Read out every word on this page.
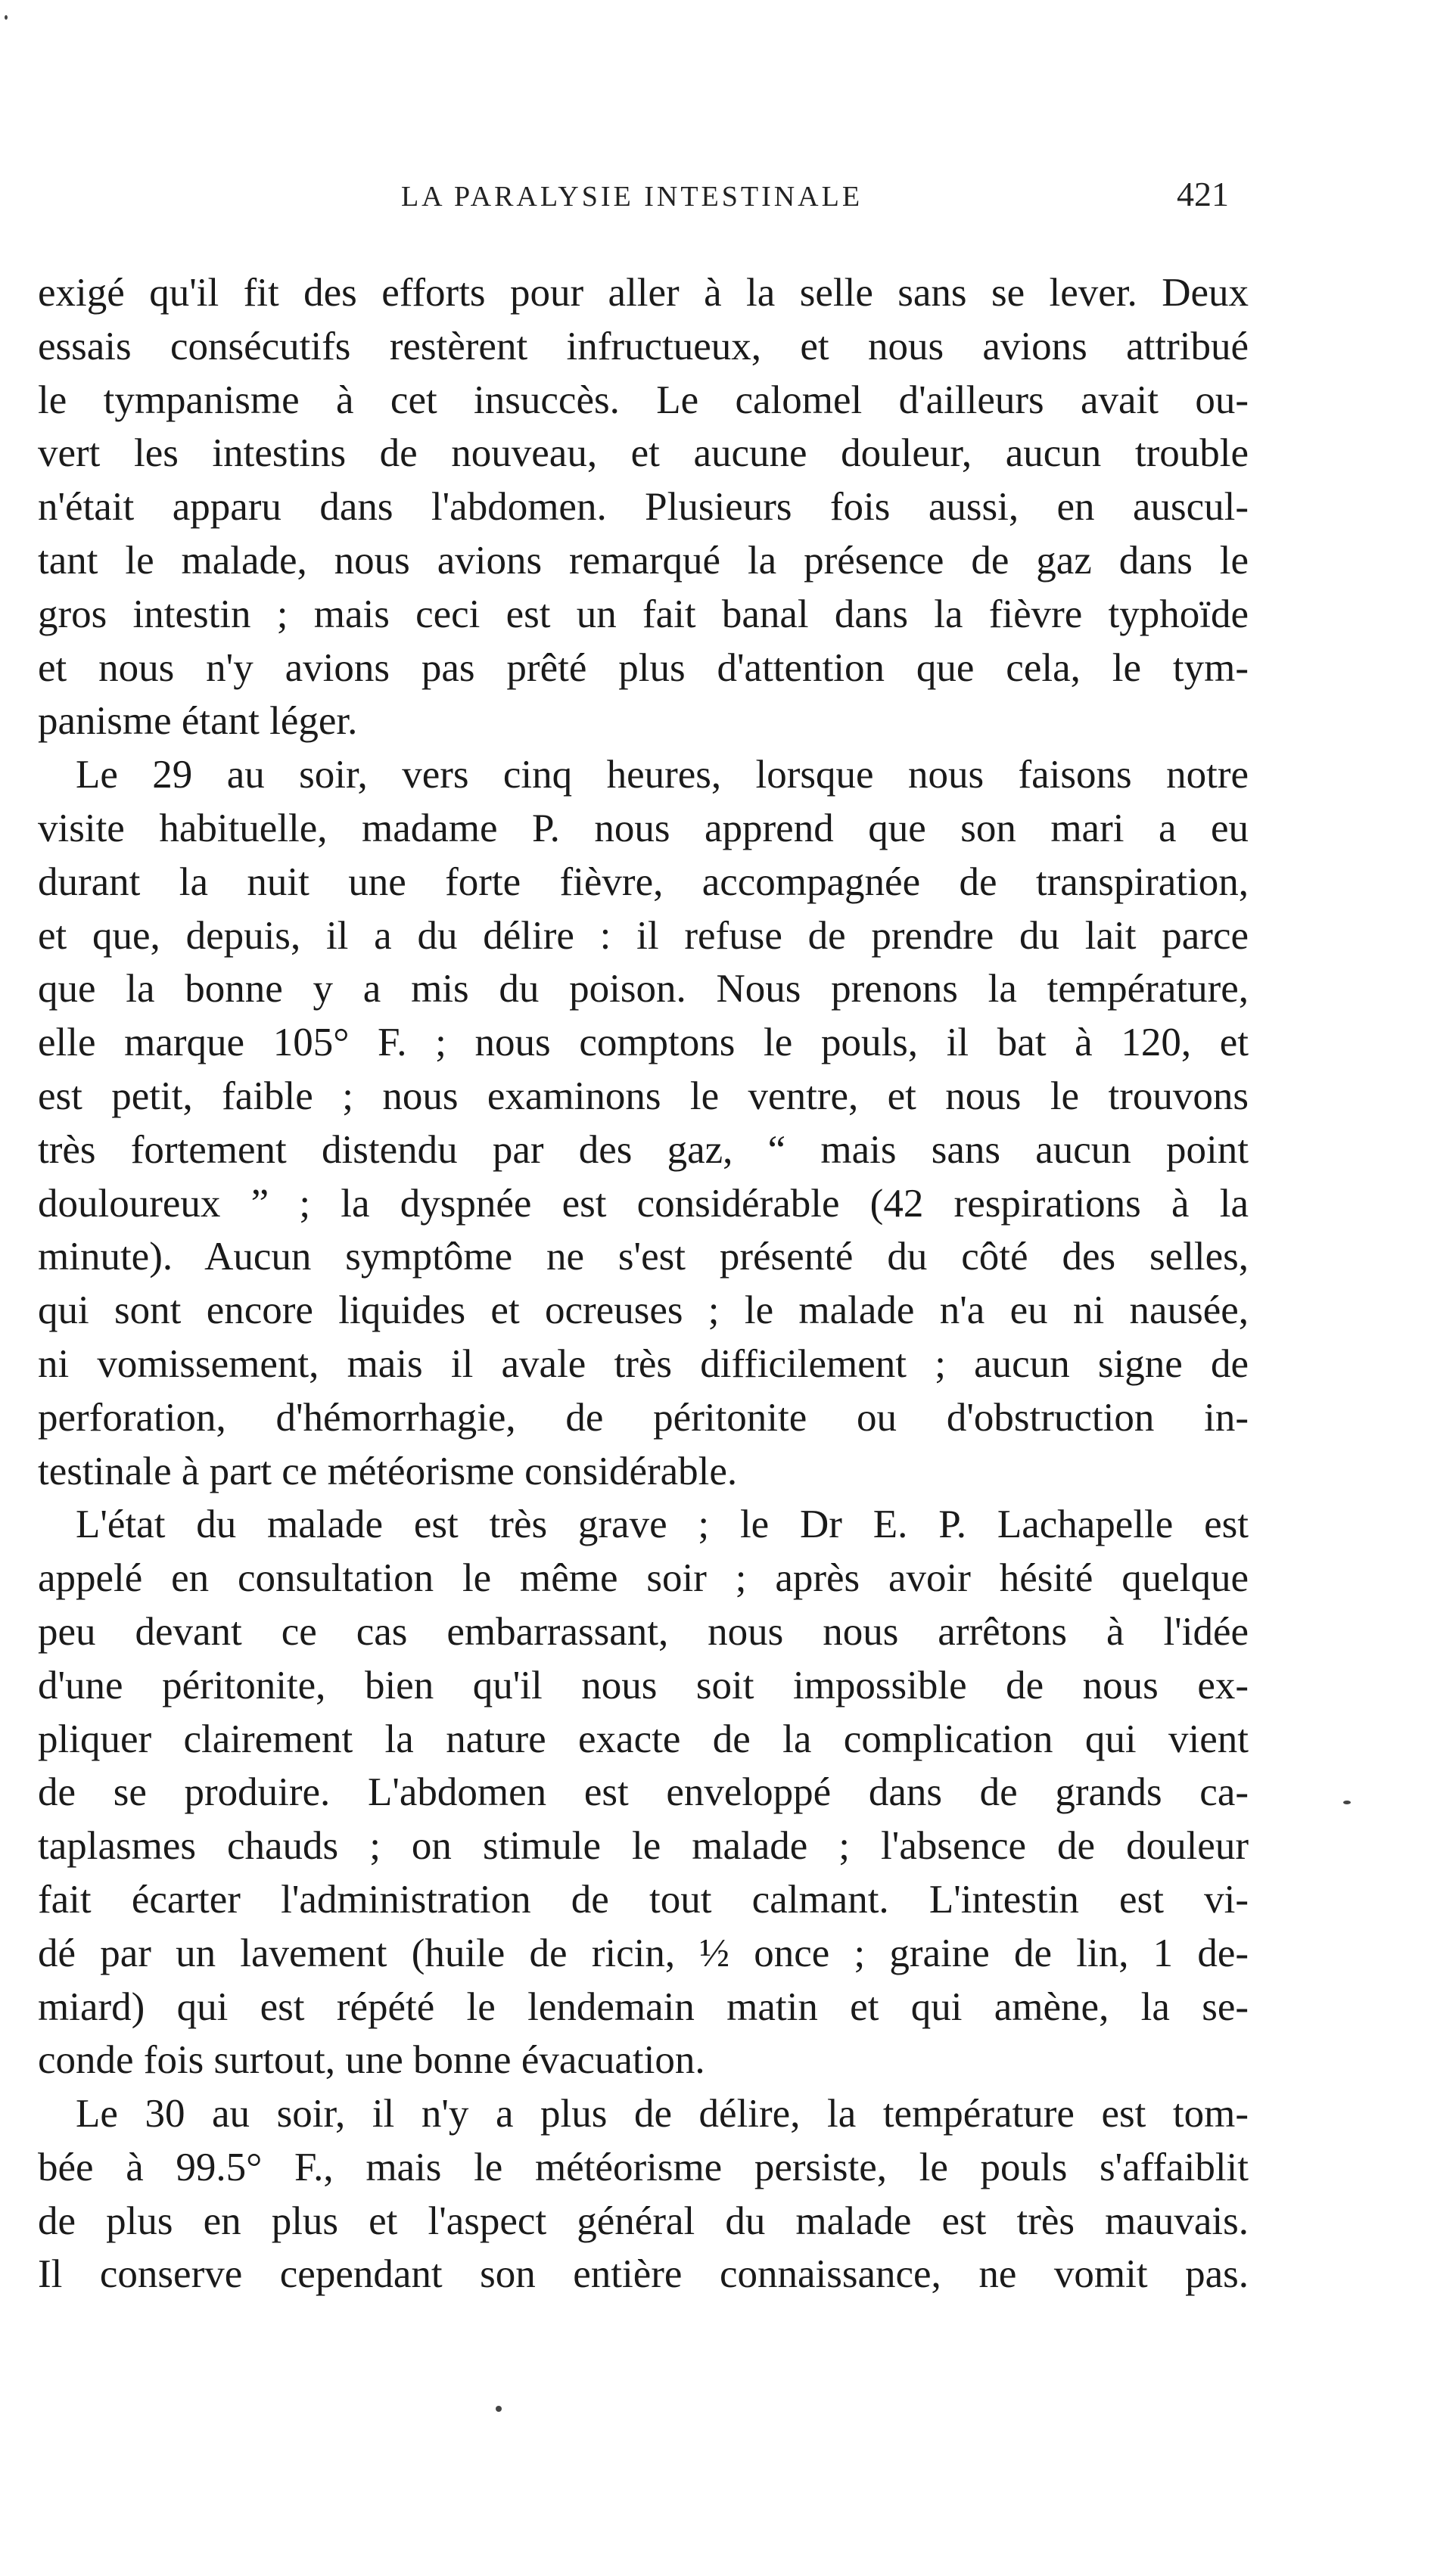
LA PARALYSIE INTESTINALE	421
exigé qu'il fit des efforts pour aller à la selle sans se lever. Deux
essais consécutifs restèrent infructueux, et nous avions attribué
le tympanisme à cet insuccès. Le calomel d'ailleurs avait ou-
vert les intestins de nouveau, et aucune douleur, aucun trouble
n'était apparu dans l'abdomen. Plusieurs fois aussi, en auscul-
tant le malade, nous avions remarqué la présence de gaz dans le
gros intestin ; mais ceci est un fait banal dans la fièvre typhoïde
et nous n'y avions pas prêté plus d'attention que cela, le tym-
panisme étant léger.
Le 29 au soir, vers cinq heures, lorsque nous faisons notre
visite habituelle, madame P. nous apprend que son mari a eu
durant la nuit une forte fièvre, accompagnée de transpiration,
et que, depuis, il a du délire : il refuse de prendre du lait parce
que la bonne y a mis du poison. Nous prenons la température,
elle marque 105° F. ; nous comptons le pouls, il bat à 120, et
est petit, faible ; nous examinons le ventre, et nous le trouvons
très fortement distendu par des gaz, “ mais sans aucun point
douloureux ” ; la dyspnée est considérable (42 respirations à la
minute). Aucun symptôme ne s'est présenté du côté des selles,
qui sont encore liquides et ocreuses ; le malade n'a eu ni nausée,
ni vomissement, mais il avale très difficilement ; aucun signe de
perforation, d'hémorrhagie, de péritonite ou d'obstruction in-
testinale à part ce météorisme considérable.
L'état du malade est très grave ; le Dr E. P. Lachapelle est
appelé en consultation le même soir ; après avoir hésité quelque
peu devant ce cas embarrassant, nous nous arrêtons à l'idée
d'une péritonite, bien qu'il nous soit impossible de nous ex-
pliquer clairement la nature exacte de la complication qui vient
de se produire. L'abdomen est enveloppé dans de grands ca-
taplasmes chauds ; on stimule le malade ; l'absence de douleur
fait écarter l'administration de tout calmant. L'intestin est vi-
dé par un lavement (huile de ricin, ½ once ; graine de lin, 1 de-
miard) qui est répété le lendemain matin et qui amène, la se-
conde fois surtout, une bonne évacuation.
Le 30 au soir, il n'y a plus de délire, la température est tom-
bée à 99.5° F., mais le météorisme persiste, le pouls s'affaiblit
de plus en plus et l'aspect général du malade est très mauvais.
Il conserve cependant son entière connaissance, ne vomit pas.
